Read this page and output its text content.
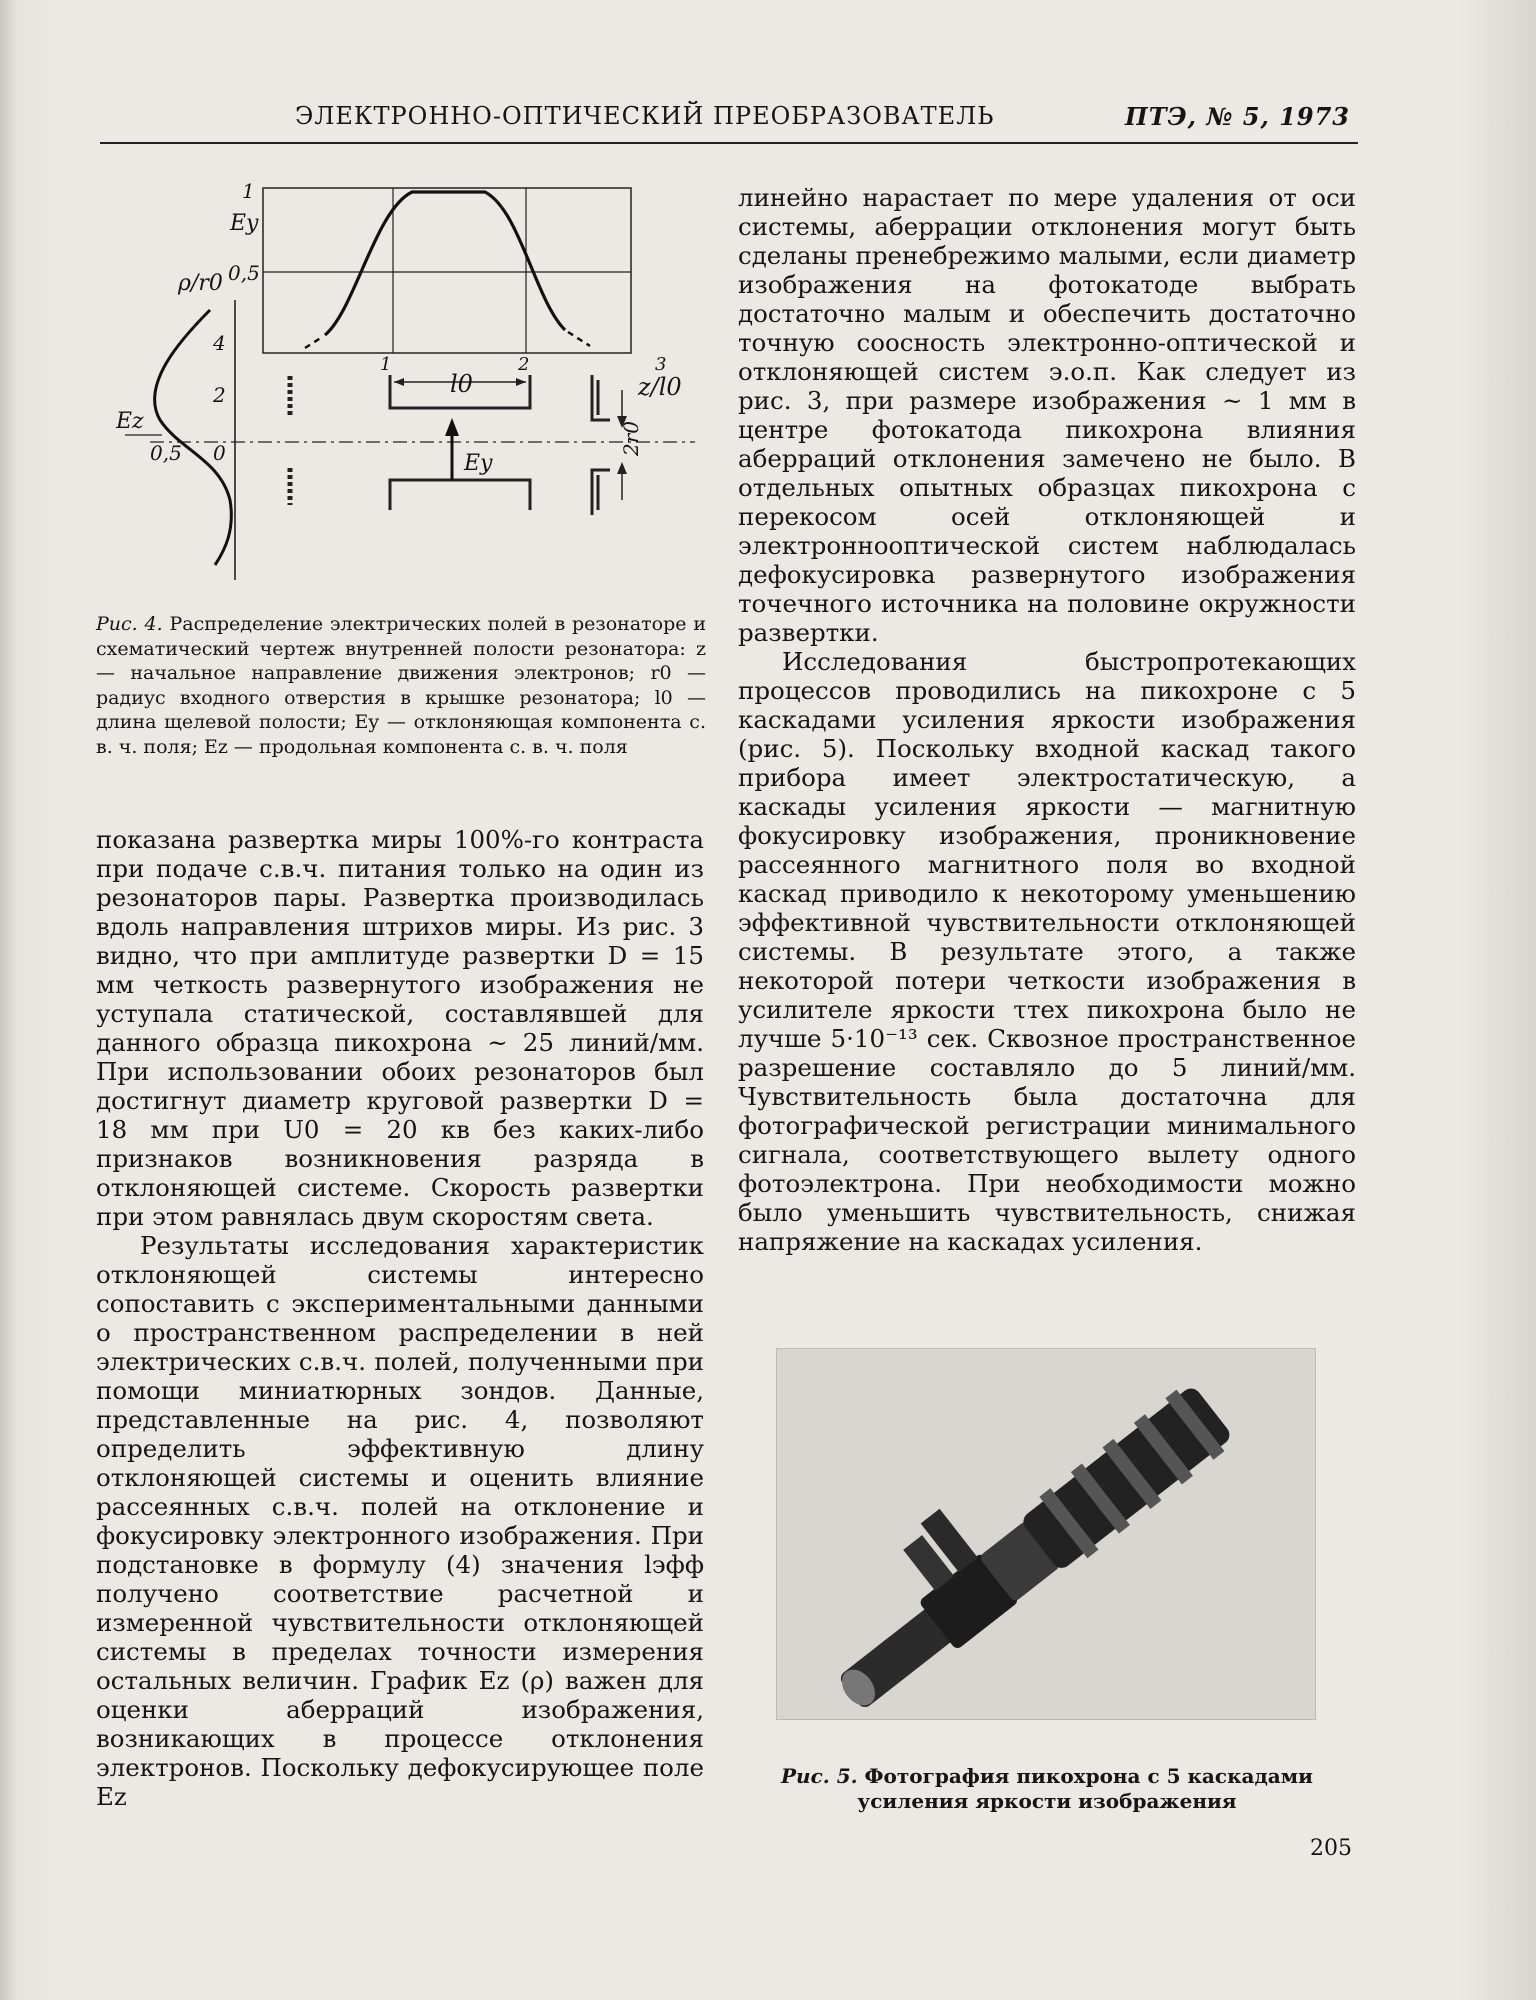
ЭЛЕКТРОННО-ОПТИЧЕСКИЙ ПРЕОБРАЗОВАТЕЛЬ	ПТЭ, № 5, 1973
1
Ey
0,5
ρ/r0
4
2
0
0,5
Ez
l0
Ey
1	2	3
z/l0
2r0
Рис. 4. Распределение электрических полей в резонаторе и схематический чертеж внутренней полости резонатора: z — начальное направление движения электронов; r0 — радиус входного отверстия в крышке резонатора; l0 — длина щелевой полости; Ey — отклоняющая компонента с. в. ч. поля; Ez — продольная компонента с. в. ч. поля

показана развертка миры 100%-го контраста при подаче с.в.ч. питания только на один из резонаторов пары. Развертка производилась вдоль направления штрихов миры. Из рис. 3 видно, что при амплитуде развертки D = 15 мм четкость развернутого изображения не уступала статической, составлявшей для данного образца пикохрона ~ 25 линий/мм. При использовании обоих резонаторов был достигнут диаметр круговой развертки D = 18 мм при U0 = 20 кв без каких-либо признаков возникновения разряда в отклоняющей системе. Скорость развертки при этом равнялась двум скоростям света.

Результаты исследования характеристик отклоняющей системы интересно сопоставить с экспериментальными данными о пространственном распределении в ней электрических с.в.ч. полей, полученными при помощи миниатюрных зондов. Данные, представленные на рис. 4, позволяют определить эффективную длину отклоняющей системы и оценить влияние рассеянных с.в.ч. полей на отклонение и фокусировку электронного изображения. При подстановке в формулу (4) значения lэфф получено соответствие расчетной и измеренной чувствительности отклоняющей системы в пределах точности измерения остальных величин. График Ez (ρ) важен для оценки аберраций изображения, возникающих в процессе отклонения электронов. Поскольку дефокусирующее поле Ez

линейно нарастает по мере удаления от оси системы, аберрации отклонения могут быть сделаны пренебрежимо малыми, если диаметр изображения на фотокатоде выбрать достаточно малым и обеспечить достаточно точную соосность электронно-оптической и отклоняющей систем э.о.п. Как следует из рис. 3, при размере изображения ~ 1 мм в центре фотокатода пикохрона влияния аберраций отклонения замечено не было. В отдельных опытных образцах пикохрона с перекосом осей отклоняющей и электроннооптической систем наблюдалась дефокусировка развернутого изображения точечного источника на половине окружности развертки.

Исследования быстропротекающих процессов проводились на пикохроне с 5 каскадами усиления яркости изображения (рис. 5). Поскольку входной каскад такого прибора имеет электростатическую, а каскады усиления яркости — магнитную фокусировку изображения, проникновение рассеянного магнитного поля во входной каскад приводило к некоторому уменьшению эффективной чувствительности отклоняющей системы. В результате этого, а также некоторой потери четкости изображения в усилителе яркости τтех пикохрона было не лучше 5·10⁻¹³ сек. Сквозное пространственное разрешение составляло до 5 линий/мм. Чувствительность была достаточна для фотографической регистрации минимального сигнала, соответствующего вылету одного фотоэлектрона. При необходимости можно было уменьшить чувствительность, снижая напряжение на каскадах усиления.

Рис. 5. Фотография пикохрона с 5 каскадами усиления яркости изображения
205
